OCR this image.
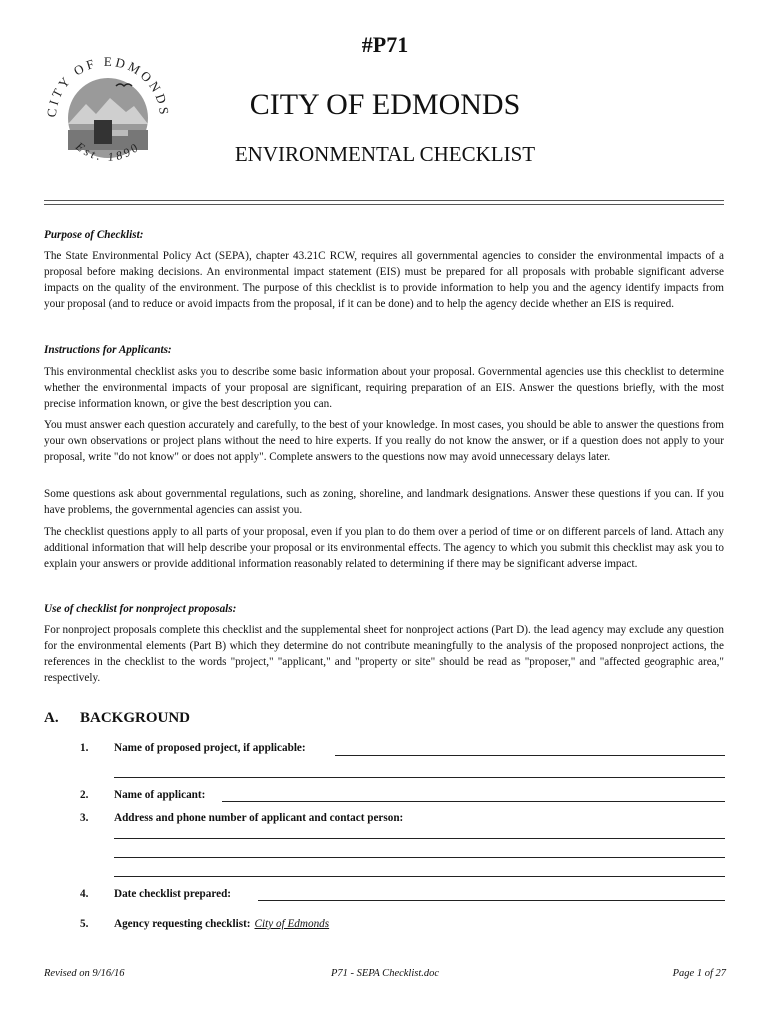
#P71
CITY OF EDMONDS
Est. 1890
CITY OF EDMONDS
ENVIRONMENTAL CHECKLIST
Purpose of Checklist:
The State Environmental Policy Act (SEPA), chapter 43.21C RCW, requires all governmental agencies to consider the environmental impacts of a proposal before making decisions. An environmental impact statement (EIS) must be prepared for all proposals with probable significant adverse impacts on the quality of the environment. The purpose of this checklist is to provide information to help you and the agency identify impacts from your proposal (and to reduce or avoid impacts from the proposal, if it can be done) and to help the agency decide whether an EIS is required.
Instructions for Applicants:
This environmental checklist asks you to describe some basic information about your proposal. Governmental agencies use this checklist to determine whether the environmental impacts of your proposal are significant, requiring preparation of an EIS. Answer the questions briefly, with the most precise information known, or give the best description you can.
You must answer each question accurately and carefully, to the best of your knowledge. In most cases, you should be able to answer the questions from your own observations or project plans without the need to hire experts. If you really do not know the answer, or if a question does not apply to your proposal, write "do not know" or does not apply". Complete answers to the questions now may avoid unnecessary delays later.
Some questions ask about governmental regulations, such as zoning, shoreline, and landmark designations. Answer these questions if you can. If you have problems, the governmental agencies can assist you.
The checklist questions apply to all parts of your proposal, even if you plan to do them over a period of time or on different parcels of land. Attach any additional information that will help describe your proposal or its environmental effects. The agency to which you submit this checklist may ask you to explain your answers or provide additional information reasonably related to determining if there may be significant adverse impact.
Use of checklist for nonproject proposals:
For nonproject proposals complete this checklist and the supplemental sheet for nonproject actions (Part D). the lead agency may exclude any question for the environmental elements (Part B) which they determine do not contribute meaningfully to the analysis of the proposed nonproject actions, the references in the checklist to the words "project," "applicant," and "property or site" should be read as "proposer," and "affected geographic area," respectively.
A. BACKGROUND
1. Name of proposed project, if applicable:
2. Name of applicant:
3. Address and phone number of applicant and contact person:
4. Date checklist prepared:
5. Agency requesting checklist: City of Edmonds
Revised on 9/16/16	P71 - SEPA Checklist.doc	Page 1 of 27
